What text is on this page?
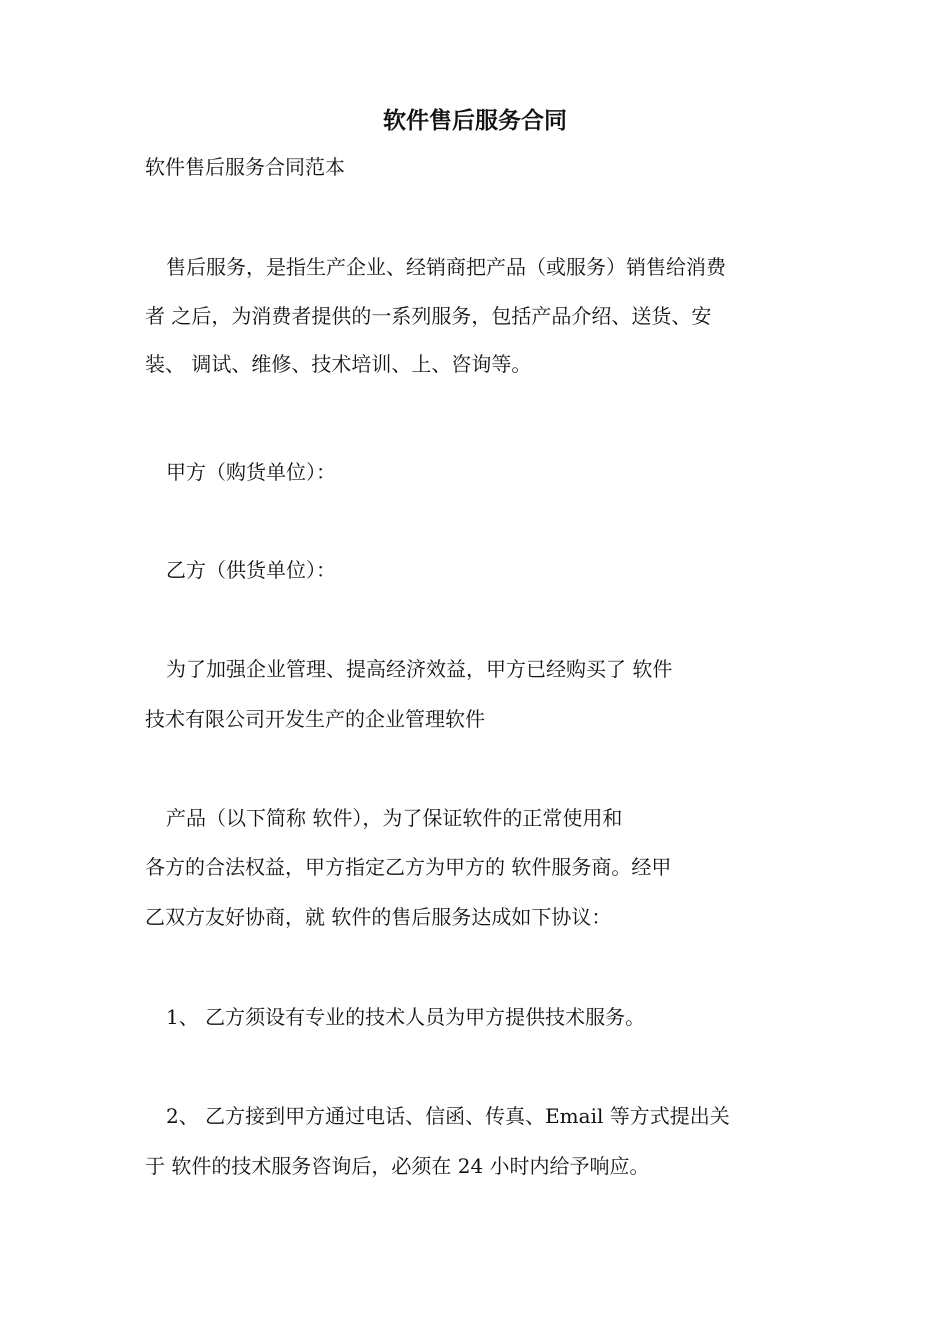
软件售后服务合同
软件售后服务合同范本
售后服务，是指生产企业、经销商把产品（或服务）销售给消费
者 之后，为消费者提供的一系列服务，包括产品介绍、送货、安
装、 调试、维修、技术培训、上、咨询等。
甲方（购货单位）：
乙方（供货单位）：
为了加强企业管理、提高经济效益，甲方已经购买了 软件
技术有限公司开发生产的企业管理软件
产品（以下简称 软件），为了保证软件的正常使用和
各方的合法权益，甲方指定乙方为甲方的 软件服务商。经甲
乙双方友好协商，就 软件的售后服务达成如下协议：
1、 乙方须设有专业的技术人员为甲方提供技术服务。
2、 乙方接到甲方通过电话、信函、传真、Email 等方式提出关
于 软件的技术服务咨询后，必须在 24 小时内给予响应。
